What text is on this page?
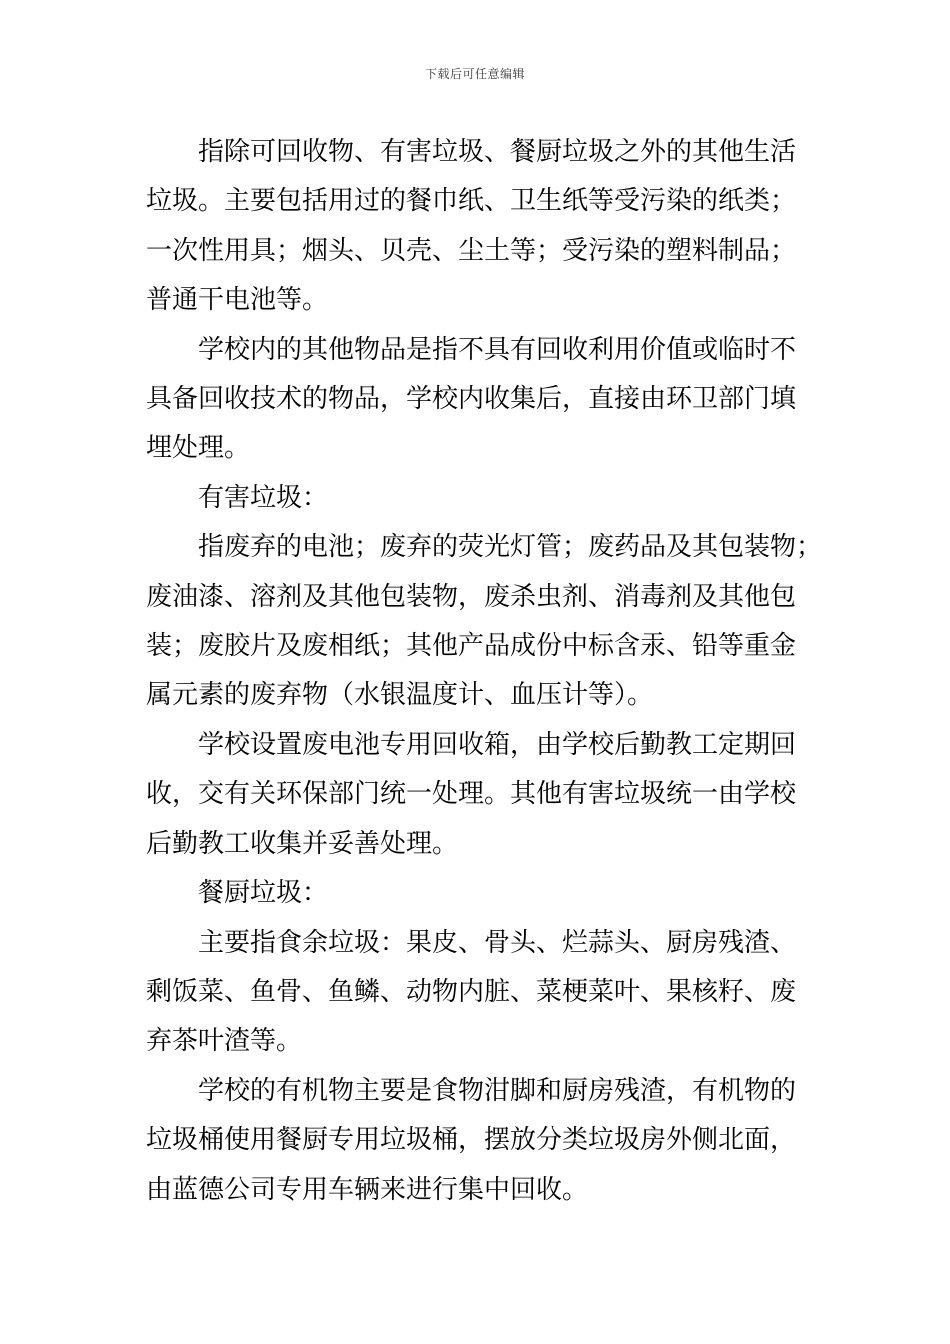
下载后可任意编辑

指除可回收物、有害垃圾、餐厨垃圾之外的其他生活
垃圾。主要包括用过的餐巾纸、卫生纸等受污染的纸类；
一次性用具；烟头、贝壳、尘土等；受污染的塑料制品；
普通干电池等。

学校内的其他物品是指不具有回收利用价值或临时不
具备回收技术的物品，学校内收集后，直接由环卫部门填
埋处理。

有害垃圾：

指废弃的电池；废弃的荧光灯管；废药品及其包装物；
废油漆、溶剂及其他包装物，废杀虫剂、消毒剂及其他包
装；废胶片及废相纸；其他产品成份中标含汞、铅等重金
属元素的废弃物（水银温度计、血压计等）。

学校设置废电池专用回收箱，由学校后勤教工定期回
收，交有关环保部门统一处理。其他有害垃圾统一由学校
后勤教工收集并妥善处理。

餐厨垃圾：

主要指食余垃圾：果皮、骨头、烂蒜头、厨房残渣、
剩饭菜、鱼骨、鱼鳞、动物内脏、菜梗菜叶、果核籽、废
弃茶叶渣等。

学校的有机物主要是食物泔脚和厨房残渣，有机物的
垃圾桶使用餐厨专用垃圾桶，摆放分类垃圾房外侧北面，
由蓝德公司专用车辆来进行集中回收。
